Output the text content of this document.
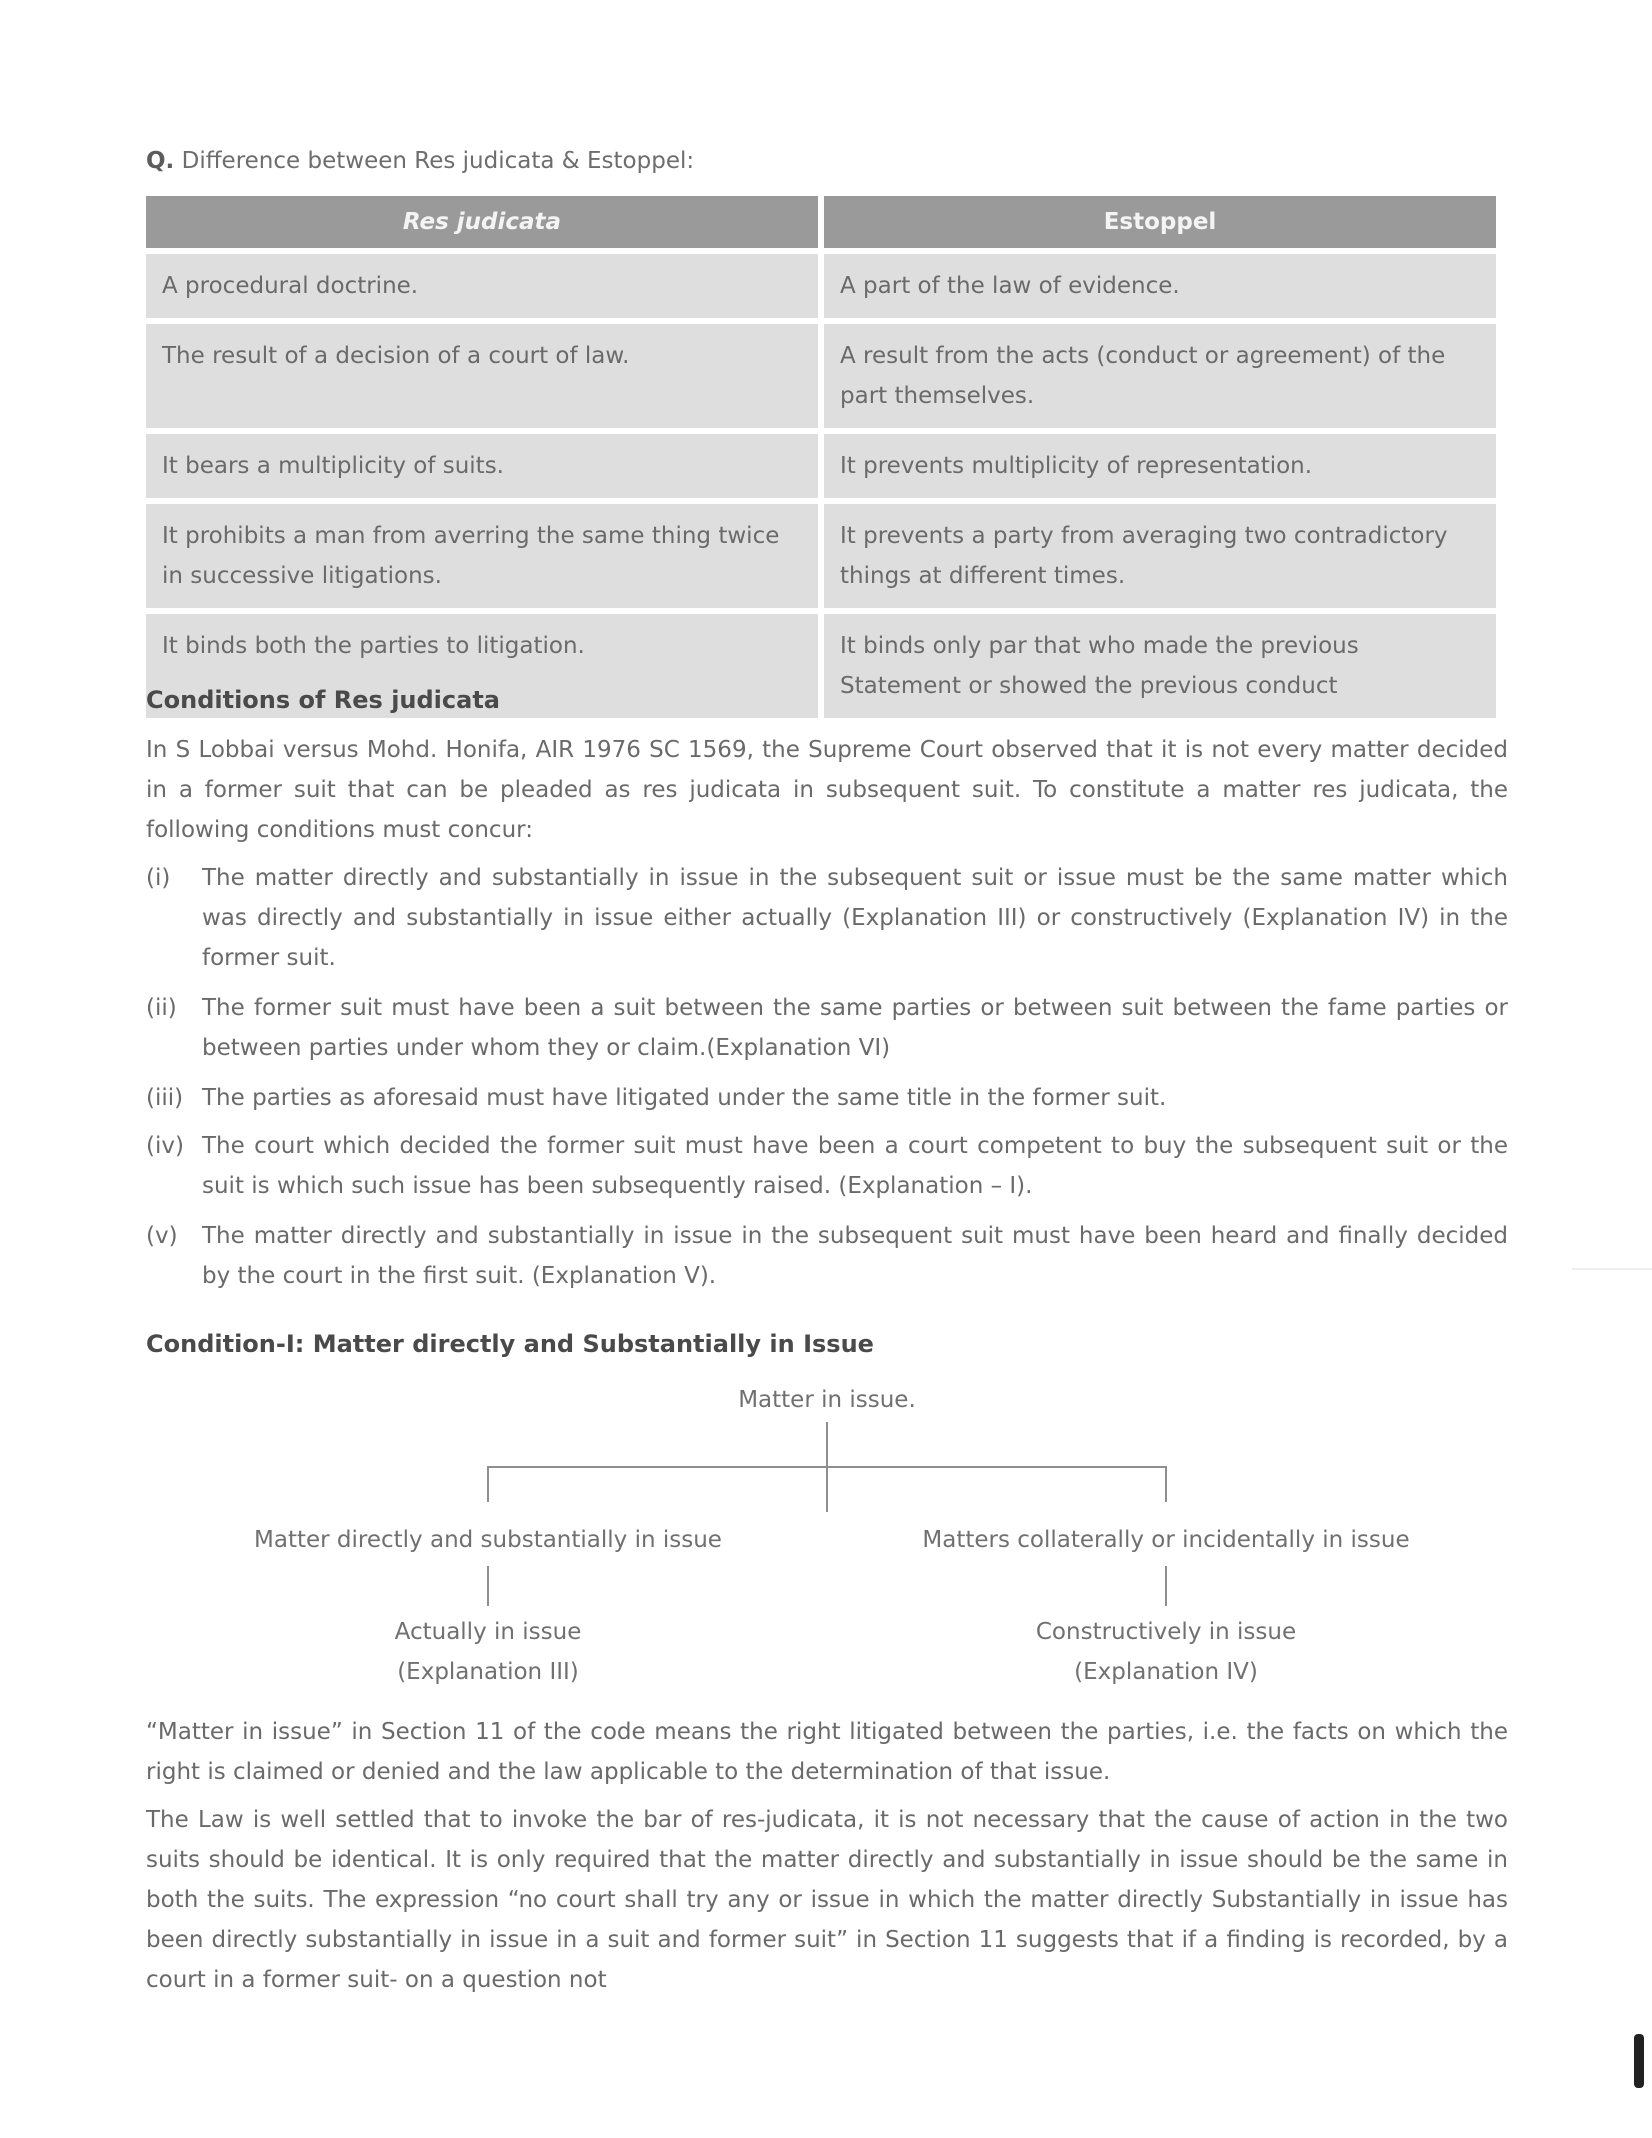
Q. Difference between Res judicata & Estoppel:
Res judicata	Estoppel
A procedural doctrine.	A part of the law of evidence.
The result of a decision of a court of law.	A result from the acts (conduct or agreement) of the part themselves.
It bears a multiplicity of suits.	It prevents multiplicity of representation.
It prohibits a man from averring the same thing twice in successive litigations.	It prevents a party from averaging two contradictory things at different times.
It binds both the parties to litigation.	It binds only par that who made the previous Statement or showed the previous conduct
Conditions of Res judicata
In S Lobbai versus Mohd. Honifa, AIR 1976 SC 1569, the Supreme Court observed that it is not every matter decided in a former suit that can be pleaded as res judicata in subsequent suit. To constitute a matter res judicata, the following conditions must concur:
(i) The matter directly and substantially in issue in the subsequent suit or issue must be the same matter which was directly and substantially in issue either actually (Explanation III) or constructively (Explanation IV) in the former suit.
(ii) The former suit must have been a suit between the same parties or between suit between the fame parties or between parties under whom they or claim.(Explanation VI)
(iii) The parties as aforesaid must have litigated under the same title in the former suit.
(iv) The court which decided the former suit must have been a court competent to buy the subsequent suit or the suit is which such issue has been subsequently raised. (Explanation – I).
(v) The matter directly and substantially in issue in the subsequent suit must have been heard and finally decided by the court in the first suit. (Explanation V).
Condition-I: Matter directly and Substantially in Issue
Matter in issue.
Matter directly and substantially in issue	Matters collaterally or incidentally in issue
Actually in issue
(Explanation III)
Constructively in issue
(Explanation IV)
“Matter in issue” in Section 11 of the code means the right litigated between the parties, i.e. the facts on which the right is claimed or denied and the law applicable to the determination of that issue.
The Law is well settled that to invoke the bar of res-judicata, it is not necessary that the cause of action in the two suits should be identical. It is only required that the matter directly and substantially in issue should be the same in both the suits. The expression “no court shall try any or issue in which the matter directly Substantially in issue has been directly substantially in issue in a suit and former suit” in Section 11 suggests that if a finding is recorded, by a court in a former suit- on a question not
